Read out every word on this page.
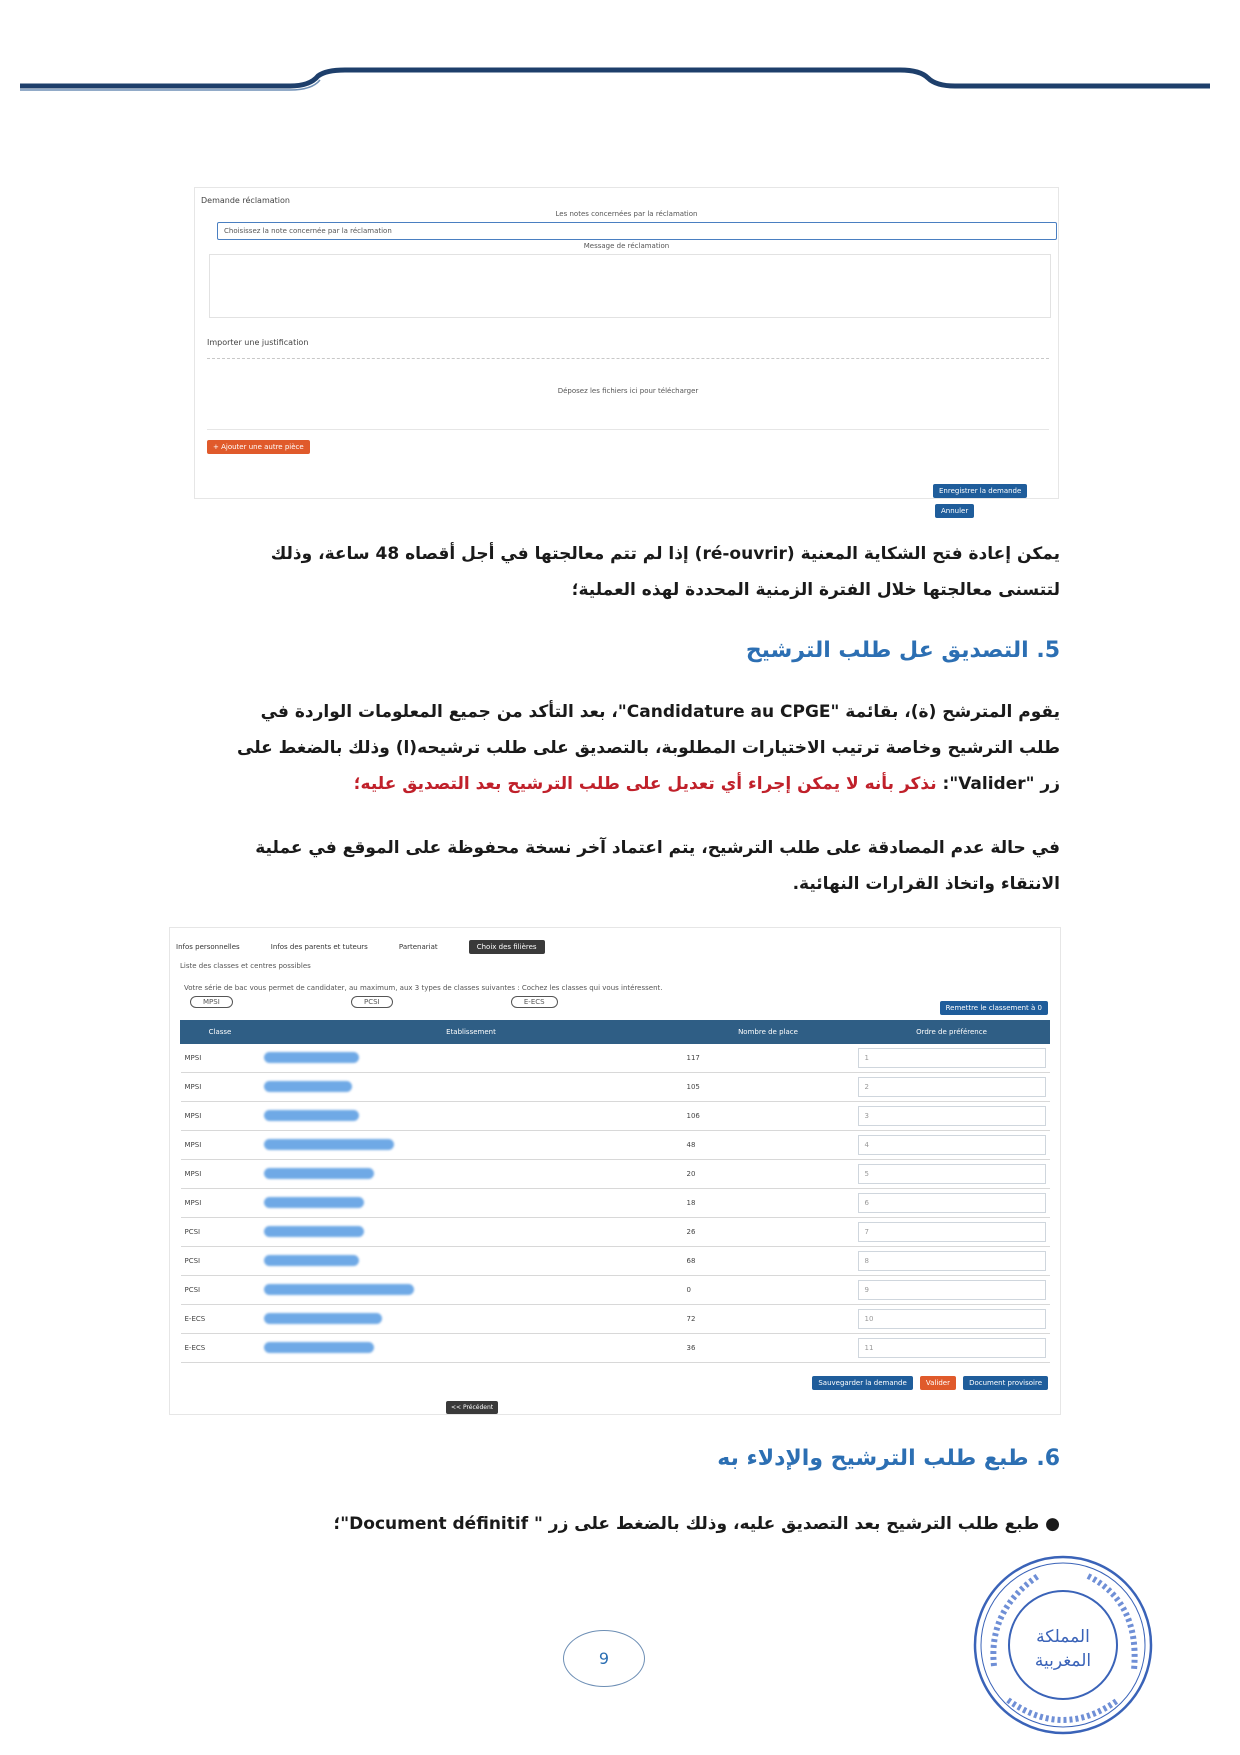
Demande réclamation
Les notes concernées par la réclamation
Choisissez la note concernée par la réclamation
Message de réclamation
Importer une justification
Déposez les fichiers ici pour télécharger
+ Ajouter une autre pièce
Enregistrer la demande Annuler
يمكن إعادة فتح الشكاية المعنية (ré-ouvrir) إذا لم تتم معالجتها في أجل أقصاه 48 ساعة، وذلك
لتتسنى معالجتها خلال الفترة الزمنية المحددة لهذه العملية؛
5. التصديق عل طلب الترشيح
يقوم المترشح (ة)، بقائمة "Candidature au CPGE"، بعد التأكد من جميع المعلومات الواردة في
طلب الترشيح وخاصة ترتيب الاختيارات المطلوبة، بالتصديق على طلب ترشيحه(ا) وذلك بالضغط على
زر "Valider": نذكر بأنه لا يمكن إجراء أي تعديل على طلب الترشيح بعد التصديق عليه؛
في حالة عدم المصادقة على طلب الترشيح، يتم اعتماد آخر نسخة محفوظة على الموقع في عملية
الانتقاء واتخاذ القرارات النهائية.
Infos personnelles	Infos des parents et tuteurs	Partenariat	Choix des filières
Liste des classes et centres possibles
Votre série de bac vous permet de candidater, au maximum, aux 3 types de classes suivantes : Cochez les classes qui vous intéressent.
MPSI	PCSI	E-ECS
Remettre le classement à 0
Classe	Etablissement	Nombre de place	Ordre de préférence
MPSI		117	1

MPSI		105	2

MPSI		106	3

MPSI		48	4

MPSI		20	5

MPSI		18	6

PCSI		26	7

PCSI		68	8

PCSI		0	9

E-ECS		72	10

E-ECS		36	11
Sauvegarder la demande	Valider	Document provisoire
<< Précédent
6. طبع طلب الترشيح والإدلاء به
● طبع طلب الترشيح بعد التصديق عليه، وذلك بالضغط على زر " Document définitif"؛
9
المملكة
المغربية
